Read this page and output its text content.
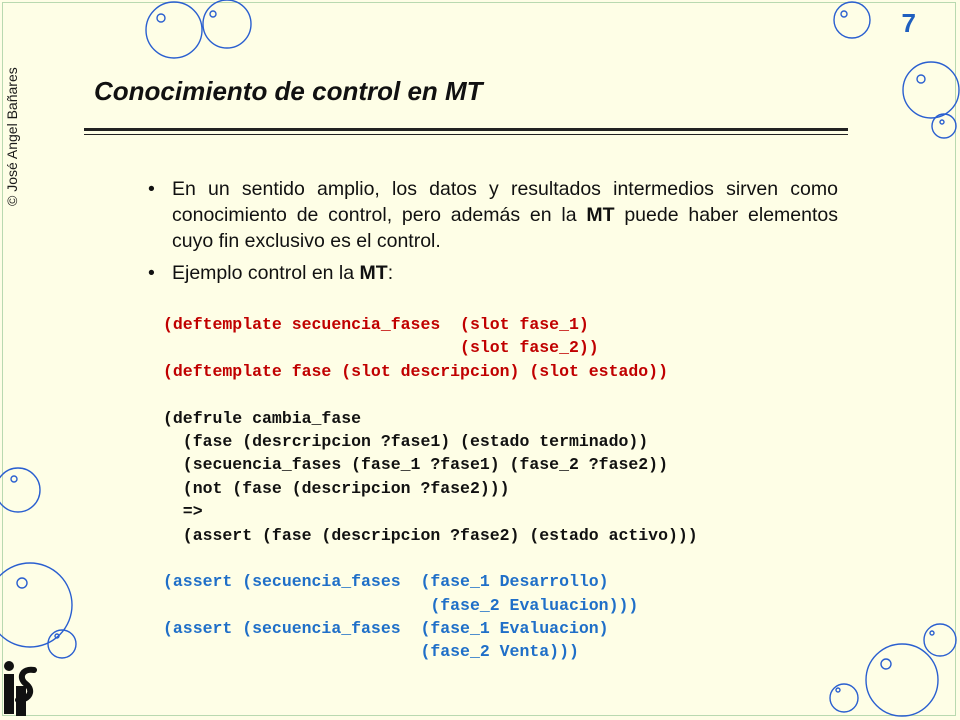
© José Angel Bañares
7
Conocimiento de control en MT
• En un sentido amplio, los datos y resultados intermedios sirven como conocimiento de control, pero además en la MT puede haber elementos cuyo fin exclusivo es el control.
• Ejemplo control en la MT:
(deftemplate secuencia_fases  (slot fase_1)
(slot fase_2))
(deftemplate fase (slot descripcion) (slot estado))
(defrule cambia_fase
(fase (desrcripcion ?fase1) (estado terminado))
(secuencia_fases (fase_1 ?fase1) (fase_2 ?fase2))
(not (fase (descripcion ?fase2)))
=>
(assert (fase (descripcion ?fase2) (estado activo)))
(assert (secuencia_fases  (fase_1 Desarrollo)
(fase_2 Evaluacion)))
(assert (secuencia_fases  (fase_1 Evaluacion)
(fase_2 Venta)))
